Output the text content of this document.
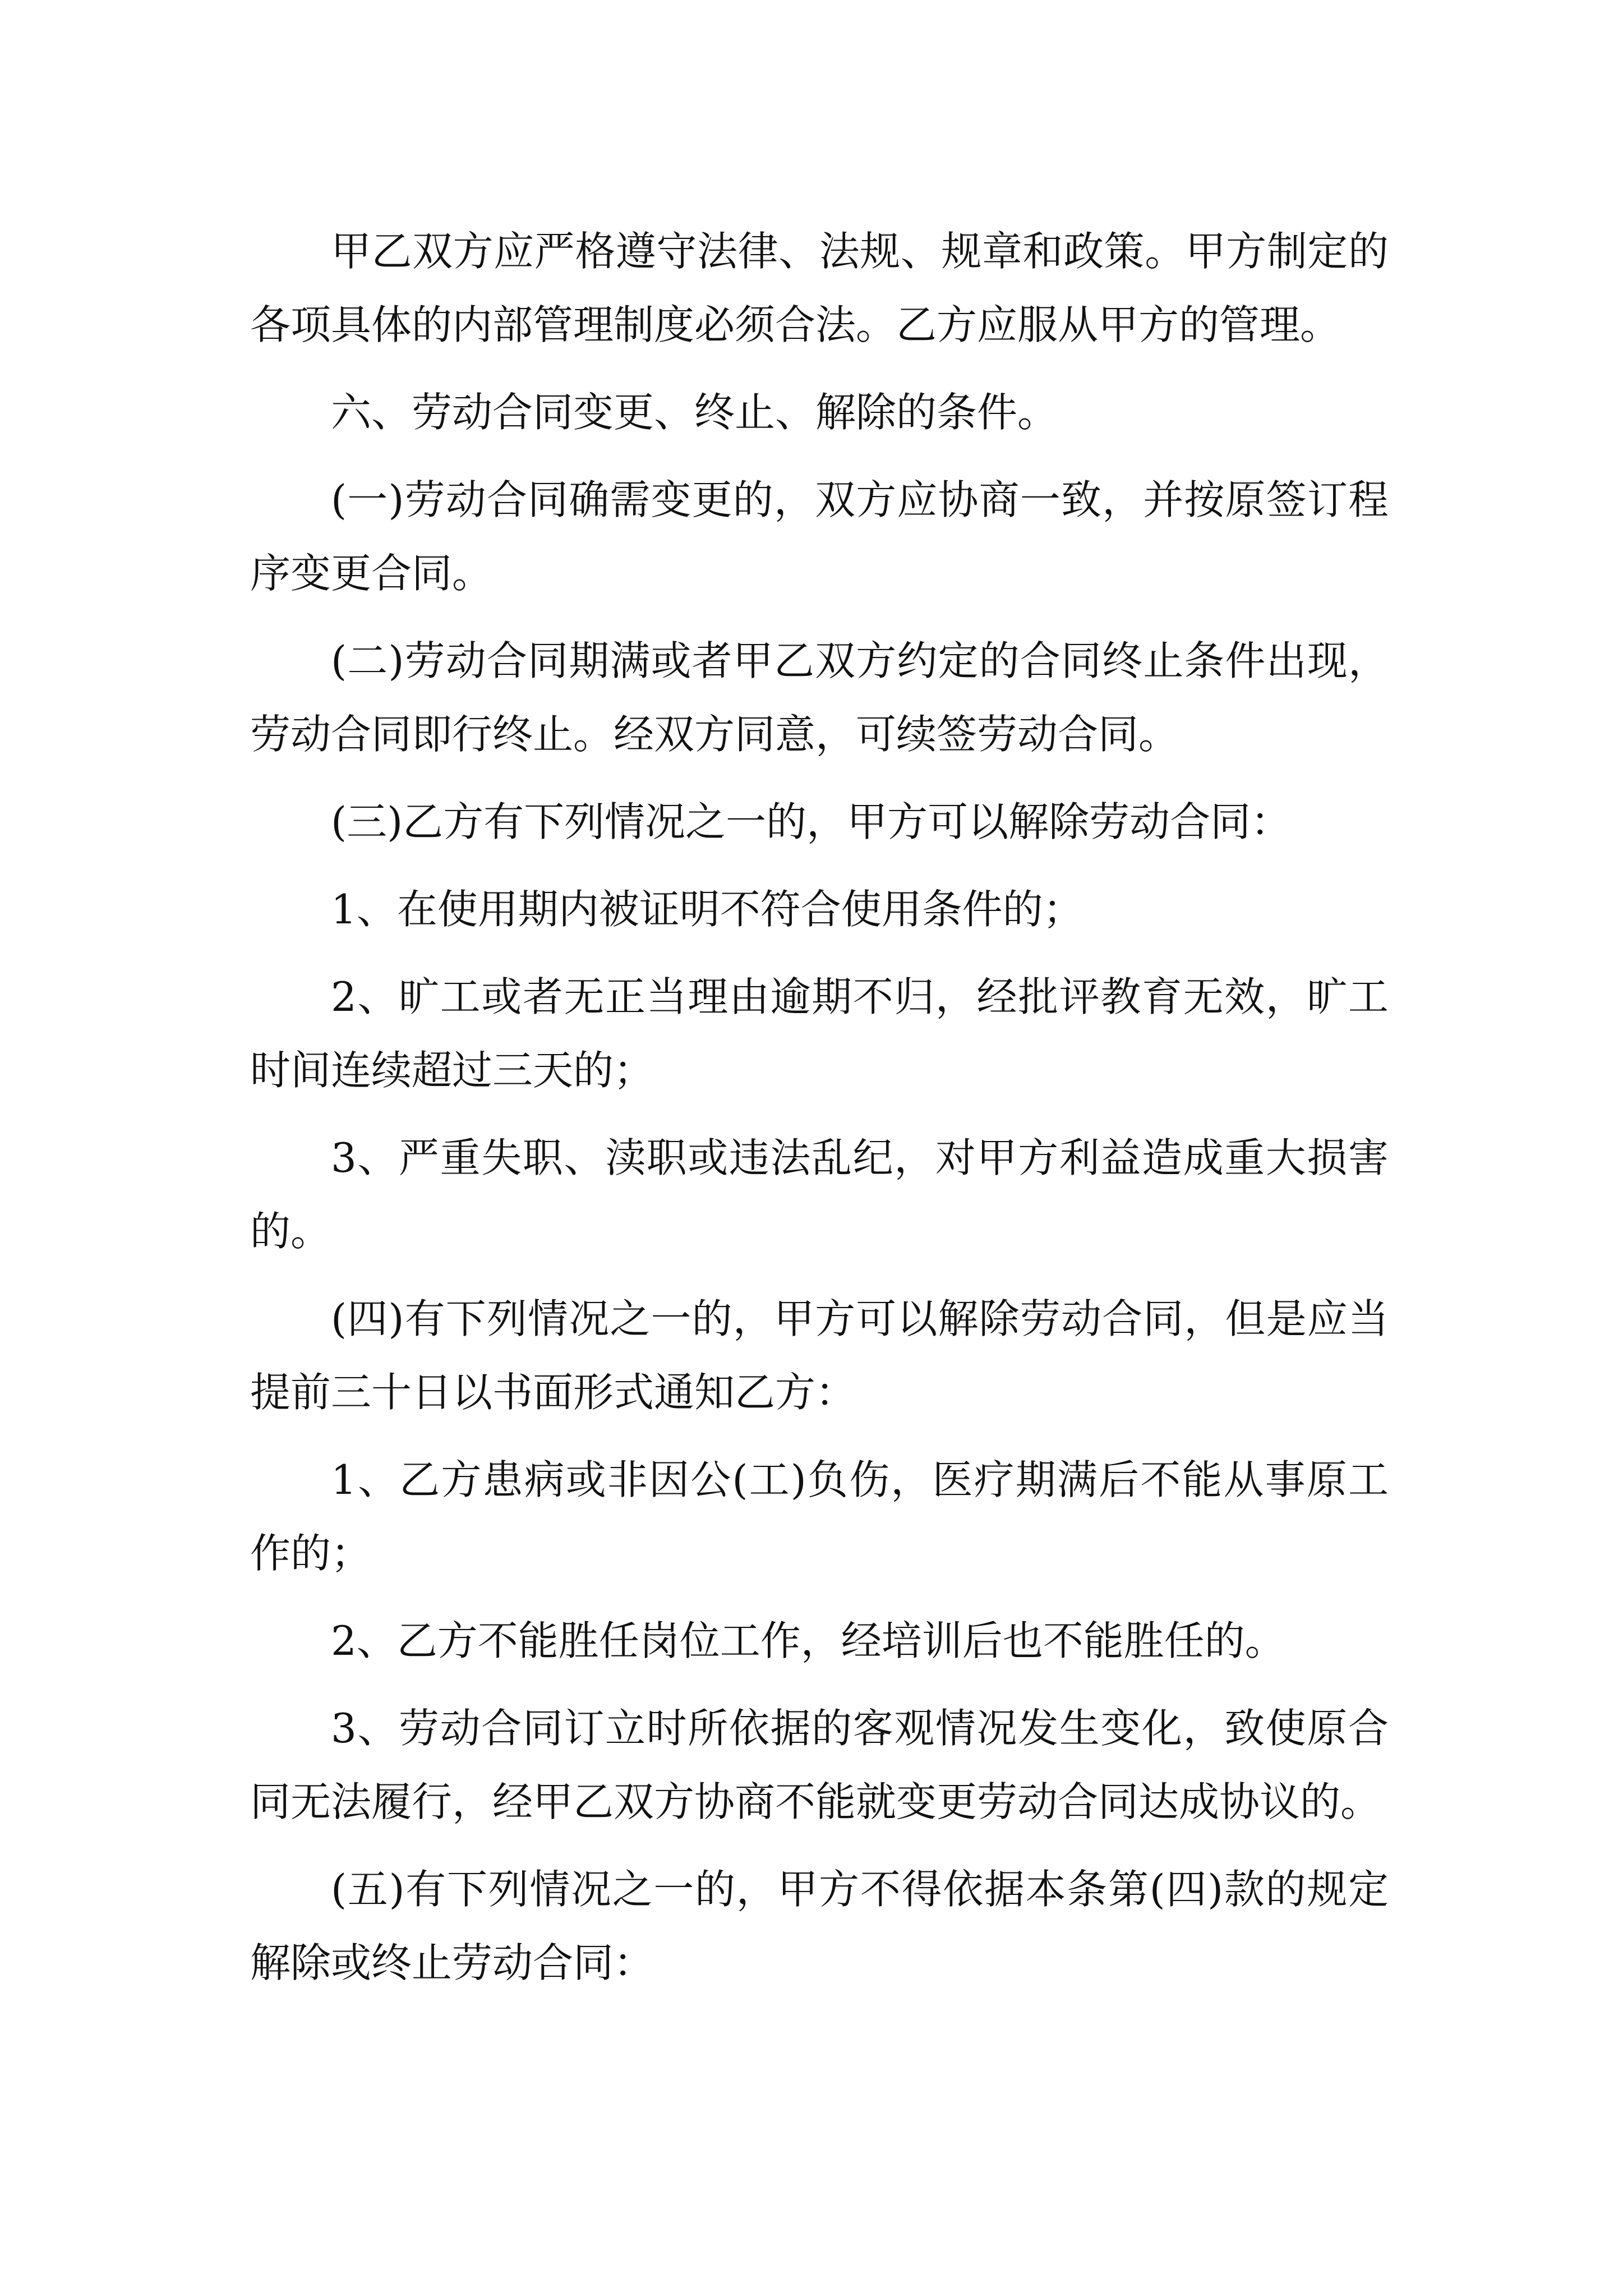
甲乙双方应严格遵守法律、法规、规章和政策。甲方制定的各项具体的内部管理制度必须合法。乙方应服从甲方的管理。

六、劳动合同变更、终止、解除的条件。

(一)劳动合同确需变更的，双方应协商一致，并按原签订程序变更合同。

(二)劳动合同期满或者甲乙双方约定的合同终止条件出现，劳动合同即行终止。经双方同意，可续签劳动合同。

(三)乙方有下列情况之一的，甲方可以解除劳动合同：

1、在使用期内被证明不符合使用条件的；

2、旷工或者无正当理由逾期不归，经批评教育无效，旷工时间连续超过三天的；

3、严重失职、渎职或违法乱纪，对甲方利益造成重大损害的。

(四)有下列情况之一的，甲方可以解除劳动合同，但是应当提前三十日以书面形式通知乙方：

1、乙方患病或非因公(工)负伤，医疗期满后不能从事原工作的；

2、乙方不能胜任岗位工作，经培训后也不能胜任的。

3、劳动合同订立时所依据的客观情况发生变化，致使原合同无法履行，经甲乙双方协商不能就变更劳动合同达成协议的。

(五)有下列情况之一的，甲方不得依据本条第(四)款的规定解除或终止劳动合同：
